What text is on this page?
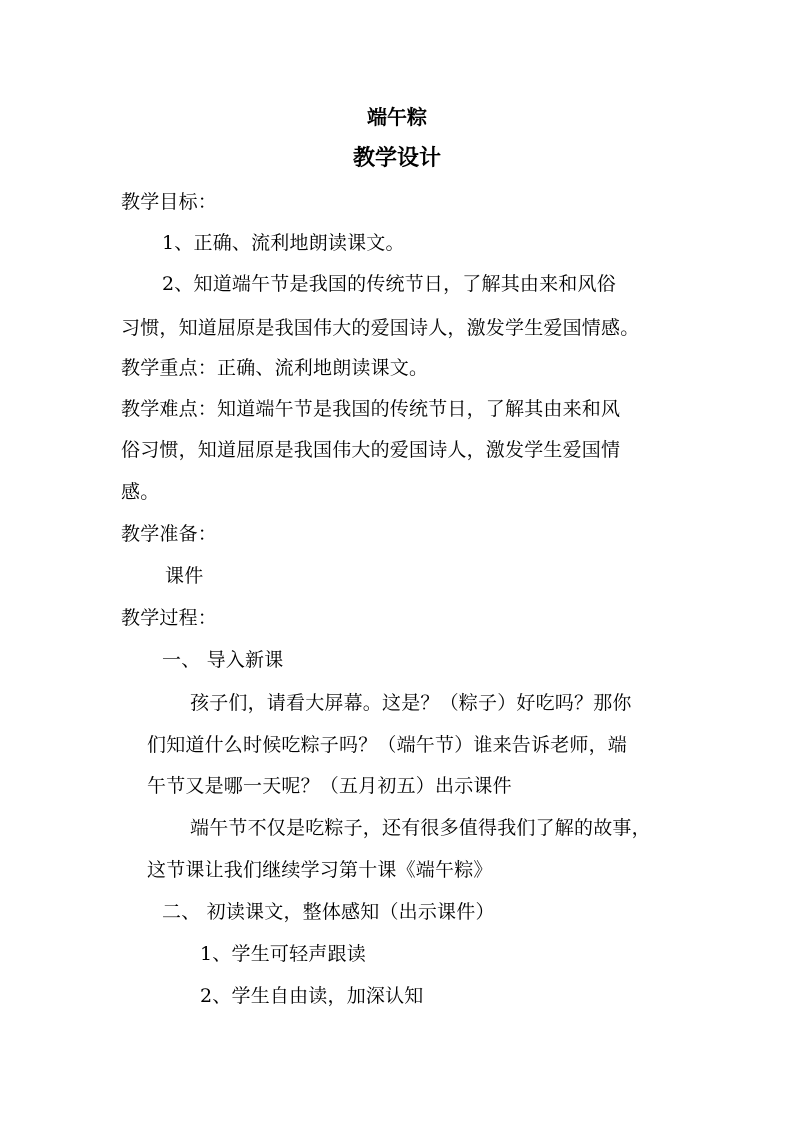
端午粽
教学设计
教学目标：
1、正确、流利地朗读课文。
2、知道端午节是我国的传统节日，了解其由来和风俗
习惯，知道屈原是我国伟大的爱国诗人，激发学生爱国情感。
教学重点：正确、流利地朗读课文。
教学难点：知道端午节是我国的传统节日，了解其由来和风
俗习惯，知道屈原是我国伟大的爱国诗人，激发学生爱国情
感。
教学准备：
课件
教学过程：
一、 导入新课
孩子们，请看大屏幕。这是？（粽子）好吃吗？那你
们知道什么时候吃粽子吗？（端午节）谁来告诉老师，端
午节又是哪一天呢？（五月初五）出示课件
端午节不仅是吃粽子，还有很多值得我们了解的故事，
这节课让我们继续学习第十课《端午粽》
二、 初读课文，整体感知（出示课件）
1、学生可轻声跟读
2、学生自由读，加深认知
